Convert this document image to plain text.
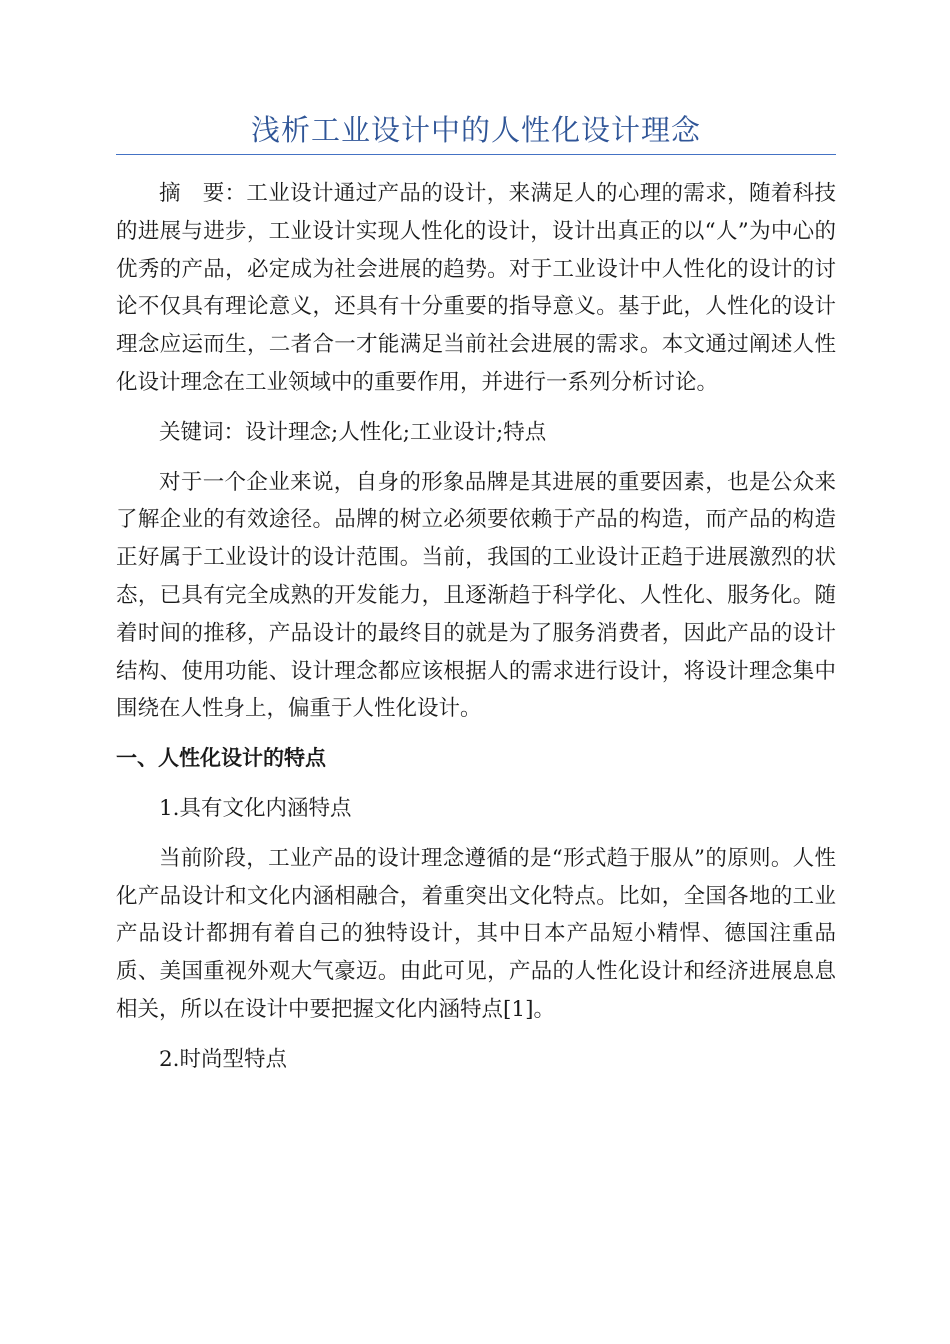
浅析工业设计中的人性化设计理念

摘　要：工业设计通过产品的设计，来满足人的心理的需求，随着科技的进展与进步，工业设计实现人性化的设计，设计出真正的以“人”为中心的优秀的产品，必定成为社会进展的趋势。对于工业设计中人性化的设计的讨论不仅具有理论意义，还具有十分重要的指导意义。基于此，人性化的设计理念应运而生，二者合一才能满足当前社会进展的需求。本文通过阐述人性化设计理念在工业领域中的重要作用，并进行一系列分析讨论。

关键词：设计理念;人性化;工业设计;特点

对于一个企业来说，自身的形象品牌是其进展的重要因素，也是公众来了解企业的有效途径。品牌的树立必须要依赖于产品的构造，而产品的构造正好属于工业设计的设计范围。当前，我国的工业设计正趋于进展激烈的状态，已具有完全成熟的开发能力，且逐渐趋于科学化、人性化、服务化。随着时间的推移，产品设计的最终目的就是为了服务消费者，因此产品的设计结构、使用功能、设计理念都应该根据人的需求进行设计，将设计理念集中围绕在人性身上，偏重于人性化设计。

一、人性化设计的特点

1.具有文化内涵特点

当前阶段，工业产品的设计理念遵循的是“形式趋于服从”的原则。人性化产品设计和文化内涵相融合，着重突出文化特点。比如，全国各地的工业产品设计都拥有着自己的独特设计，其中日本产品短小精悍、德国注重品质、美国重视外观大气豪迈。由此可见，产品的人性化设计和经济进展息息相关，所以在设计中要把握文化内涵特点[1]。

2.时尚型特点
